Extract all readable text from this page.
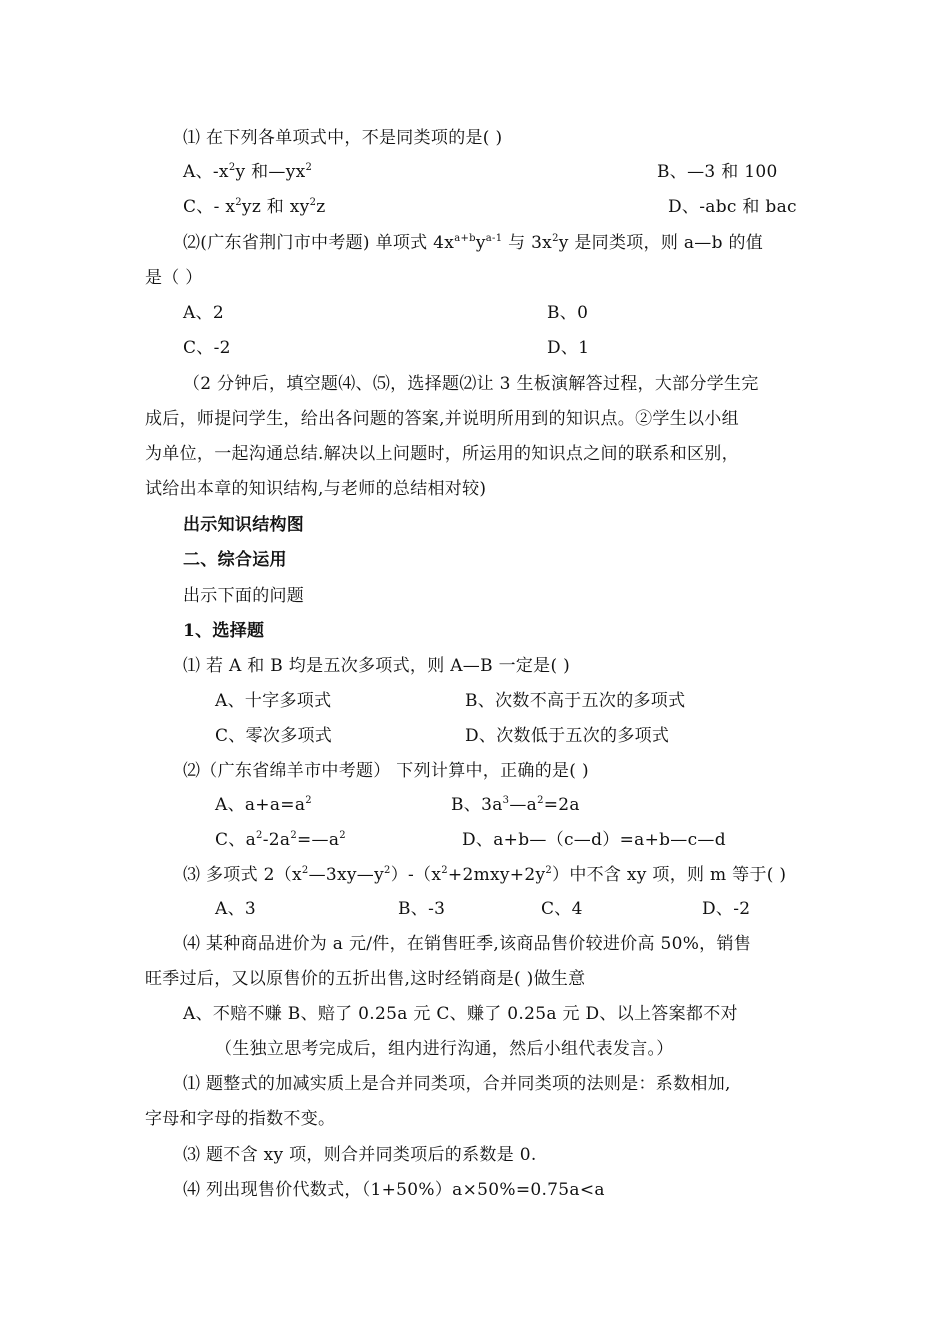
⑴ 在下列各单项式中，不是同类项的是( )
A、$-x^2y$ 和$—yx^2$	B、—3 和 100
C、- $x^2yz$ 和 $xy^2z$	D、-abc 和 bac
⑵(广东省荆门市中考题) 单项式 $4x^{a+b}y^{a-1}$ 与 $3x^2y$ 是同类项，则 a—b 的值
是（ ）
A、2	B、0
C、-2	D、1
（2 分钟后，填空题⑷、⑸，选择题⑵让 3 生板演解答过程，大部分学生完
成后，师提问学生，给出各问题的答案,并说明所用到的知识点。②学生以小组
为单位，一起沟通总结.解决以上问题时，所运用的知识点之间的联系和区别，
试给出本章的知识结构,与老师的总结相对较)
出示知识结构图
二、综合运用
出示下面的问题
1、选择题
⑴ 若 A 和 B 均是五次多项式，则 A—B 一定是( )
A、十字多项式	B、次数不高于五次的多项式
C、零次多项式	D、次数低于五次的多项式
⑵（广东省绵羊市中考题） 下列计算中，正确的是( )
A、$a+a=a^2$	B、$3a^3—a^2=2a$
C、$a^2-2a^2=—a^2$	D、a+b—（c—d）=a+b—c—d
⑶ 多项式 $2(x^2—3xy—y^2)-(x^2+2mxy+2y^2)$中不含 xy 项，则 m 等于( )
A、3	B、-3	C、4	D、-2
⑷ 某种商品进价为 a 元/件，在销售旺季,该商品售价较进价高 50%，销售
旺季过后，又以原售价的五折出售,这时经销商是( )做生意
A、不赔不赚 B、赔了 0.25a 元 C、赚了 0.25a 元 D、以上答案都不对
（生独立思考完成后，组内进行沟通，然后小组代表发言。）
⑴ 题整式的加减实质上是合并同类项，合并同类项的法则是：系数相加,
字母和字母的指数不变。
⑶ 题不含 xy 项，则合并同类项后的系数是 0.
⑷ 列出现售价代数式，（1+50%）a×50%=0.75a<a
